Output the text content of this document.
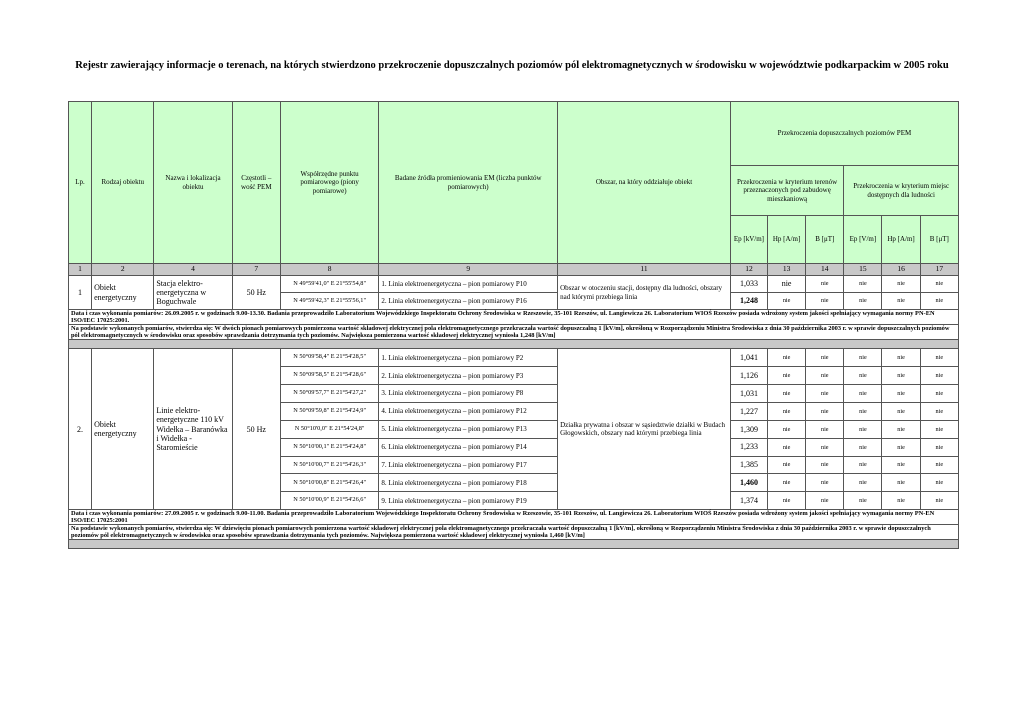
Rejestr zawierający informacje o terenach, na których stwierdzono przekroczenie dopuszczalnych poziomów pól elektromagnetycznych w środowisku w województwie podkarpackim w 2005 roku
Lp.	Rodzaj obiektu	Nazwa i lokalizacja obiektu	Częstotli – wość PEM	Współrzędne punktu pomiarowego (piony pomiarowe)	Badane źródła promieniowania EM (liczba punktów pomiarowych)	Obszar, na który oddziałuje obiekt	Przekroczenia dopuszczalnych poziomów PEM					
							Przekroczenia w kryterium terenów przeznaczonych pod zabudowę mieszkaniową			Przekroczenia w kryterium miejsc dostępnych dla ludności		
							Ep [kV/m]	Hp [A/m]	B [μT]	Ep [V/m]	Hp [A/m]	B [μT]
1	2	4	7	8	9	11	12	13	14	15	16	17
1	Obiekt energetyczny	Stacja elektro-energetyczna w Boguchwale	50 Hz	N 49°59'41,0" E 21°55'54,8"	1. Linia elektroenergetyczna – pion pomiarowy P10	Obszar w otoczeniu stacji, dostępny dla ludności, obszary nad którymi przebiega linia	1,033	nie	nie	nie	nie	nie
				N 49°59'42,3" E 21°55'56,1"	2. Linia elektroenergetyczna – pion pomiarowy P16		1,248	nie	nie	nie	nie	nie
Data i czas wykonania pomiarów: 26.09.2005 r. w godzinach 9.00-13.30. Badania przeprowadziło Laboratorium Wojewódzkiego Inspektoratu Ochrony Środowiska w Rzeszowie, 35-101 Rzeszów, ul. Langiewicza 26. Laboratorium WIOŚ Rzeszów posiada wdrożony system jakości spełniający wymagania normy PN-EN ISO/IEC 17025:2001.												
Na podstawie wykonanych pomiarów, stwierdza się: W dwóch pionach pomiarowych pomierzona wartość składowej elektrycznej pola elektromagnetycznego przekraczała wartość dopuszczalną 1 [kV/m], określoną w Rozporządzeniu Ministra Środowiska z dnia 30 października 2003 r. w sprawie dopuszczalnych poziomów pól elektromagnetycznych w środowisku oraz sposobów sprawdzania dotrzymania tych poziomów. Największa pomierzona wartość składowej elektrycznej wyniosła 1,248 [kV/m]												

2.	Obiekt energetyczny	Linie elektro-energetyczne 110 kV Widełka – Baranówka i Widełka - Staromieście	50 Hz	N 50°09'58,4" E 21°54'28,5"	1. Linia elektroenergetyczna – pion pomiarowy P2	Działka prywatna i obszar w sąsiedztwie działki w Budach Głogowskich, obszary nad którymi przebiega linia	1,041	nie	nie	nie	nie	nie
				N 50°09'58,5" E 21°54'28,6"	2. Linia elektroenergetyczna – pion pomiarowy P3		1,126	nie	nie	nie	nie	nie
				N 50°09'57,7" E 21°54'27,2"	3. Linia elektroenergetyczna – pion pomiarowy P8		1,031	nie	nie	nie	nie	nie
				N 50°09'59,8" E 21°54'24,9"	4. Linia elektroenergetyczna – pion pomiarowy P12		1,227	nie	nie	nie	nie	nie
				N 50°10'0,0" E 21°54'24,8"	5. Linia elektroenergetyczna – pion pomiarowy P13		1,309	nie	nie	nie	nie	nie
				N 50°10'00,1" E 21°54'24,8"	6. Linia elektroenergetyczna – pion pomiarowy P14		1,233	nie	nie	nie	nie	nie
				N 50°10'00,7" E 21°54'26,3"	7. Linia elektroenergetyczna – pion pomiarowy P17		1,385	nie	nie	nie	nie	nie
				N 50°10'00,8" E 21°54'26,4"	8. Linia elektroenergetyczna – pion pomiarowy P18		1,460	nie	nie	nie	nie	nie
				N 50°10'00,9" E 21°54'26,6"	9. Linia elektroenergetyczna – pion pomiarowy P19		1,374	nie	nie	nie	nie	nie
Data i czas wykonania pomiarów: 27.09.2005 r. w godzinach 9.00-11.00. Badania przeprowadziło Laboratorium Wojewódzkiego Inspektoratu Ochrony Środowiska w Rzeszowie, 35-101 Rzeszów, ul. Langiewicza 26. Laboratorium WIOŚ Rzeszów posiada wdrożony system jakości spełniający wymagania normy PN-EN ISO/IEC 17025:2001												
Na podstawie wykonanych pomiarów, stwierdza się: W dziewięciu pionach pomiarowych pomierzona wartość składowej elektrycznej pola elektromagnetycznego przekraczała wartość dopuszczalną 1 [kV/m], określoną w Rozporządzeniu Ministra Środowiska z dnia 30 października 2003 r. w sprawie dopuszczalnych poziomów pól elektromagnetycznych w środowisku oraz sposobów sprawdzania dotrzymania tych poziomów. Największa pomierzona wartość składowej elektrycznej wyniosła 1,460 [kV/m]												
